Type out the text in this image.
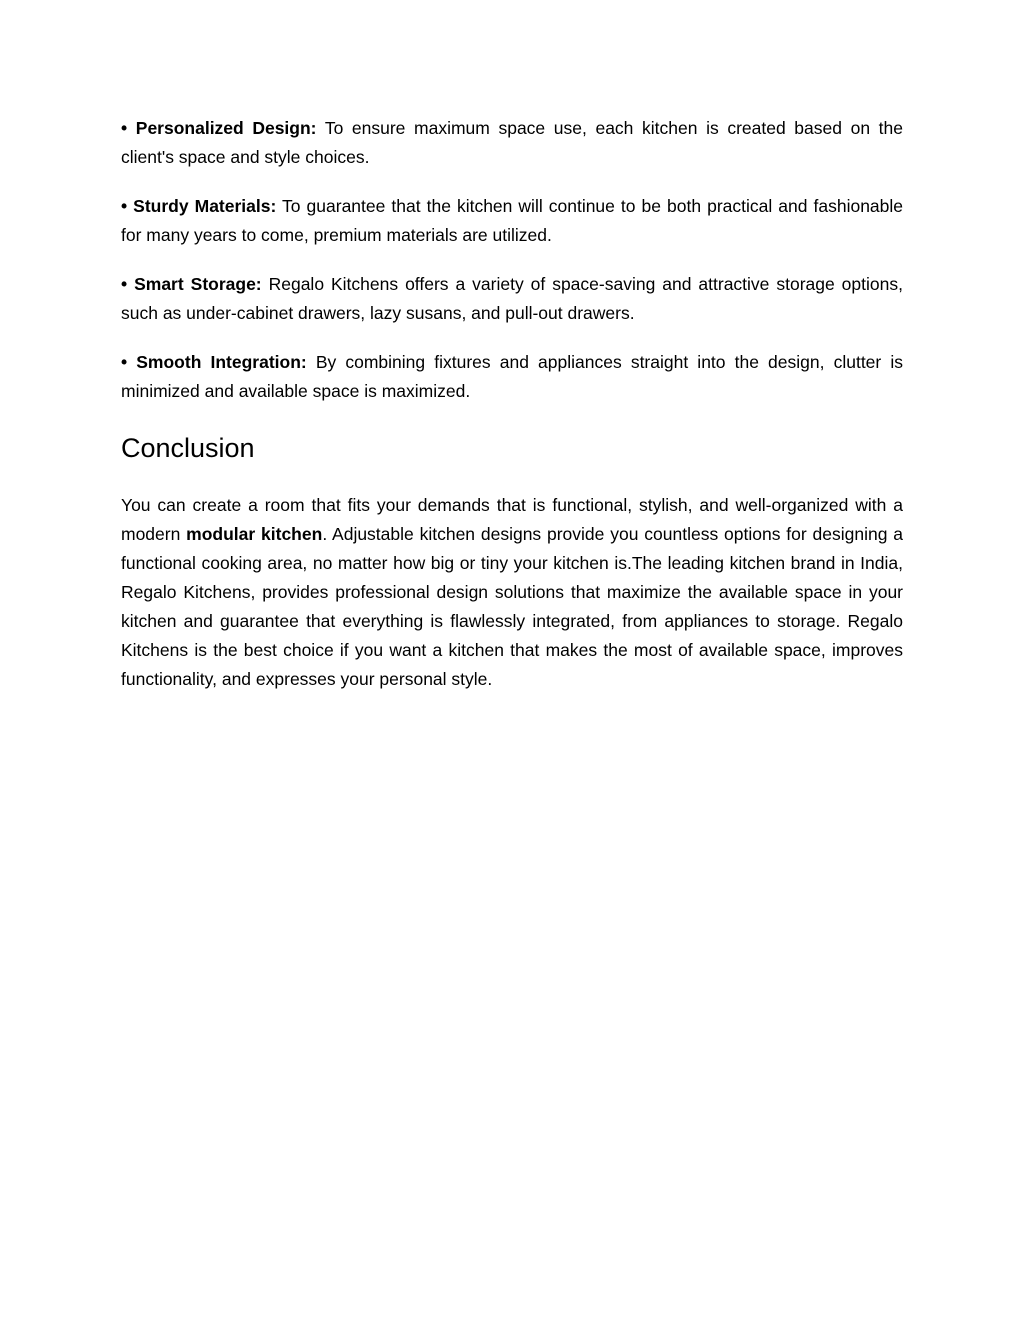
• Personalized Design: To ensure maximum space use, each kitchen is created based on the client's space and style choices.

• Sturdy Materials: To guarantee that the kitchen will continue to be both practical and fashionable for many years to come, premium materials are utilized.

• Smart Storage: Regalo Kitchens offers a variety of space-saving and attractive storage options, such as under-cabinet drawers, lazy susans, and pull-out drawers.

• Smooth Integration: By combining fixtures and appliances straight into the design, clutter is minimized and available space is maximized.

Conclusion

You can create a room that fits your demands that is functional, stylish, and well-organized with a modern modular kitchen. Adjustable kitchen designs provide you countless options for designing a functional cooking area, no matter how big or tiny your kitchen is.The leading kitchen brand in India, Regalo Kitchens, provides professional design solutions that maximize the available space in your kitchen and guarantee that everything is flawlessly integrated, from appliances to storage. Regalo Kitchens is the best choice if you want a kitchen that makes the most of available space, improves functionality, and expresses your personal style.
